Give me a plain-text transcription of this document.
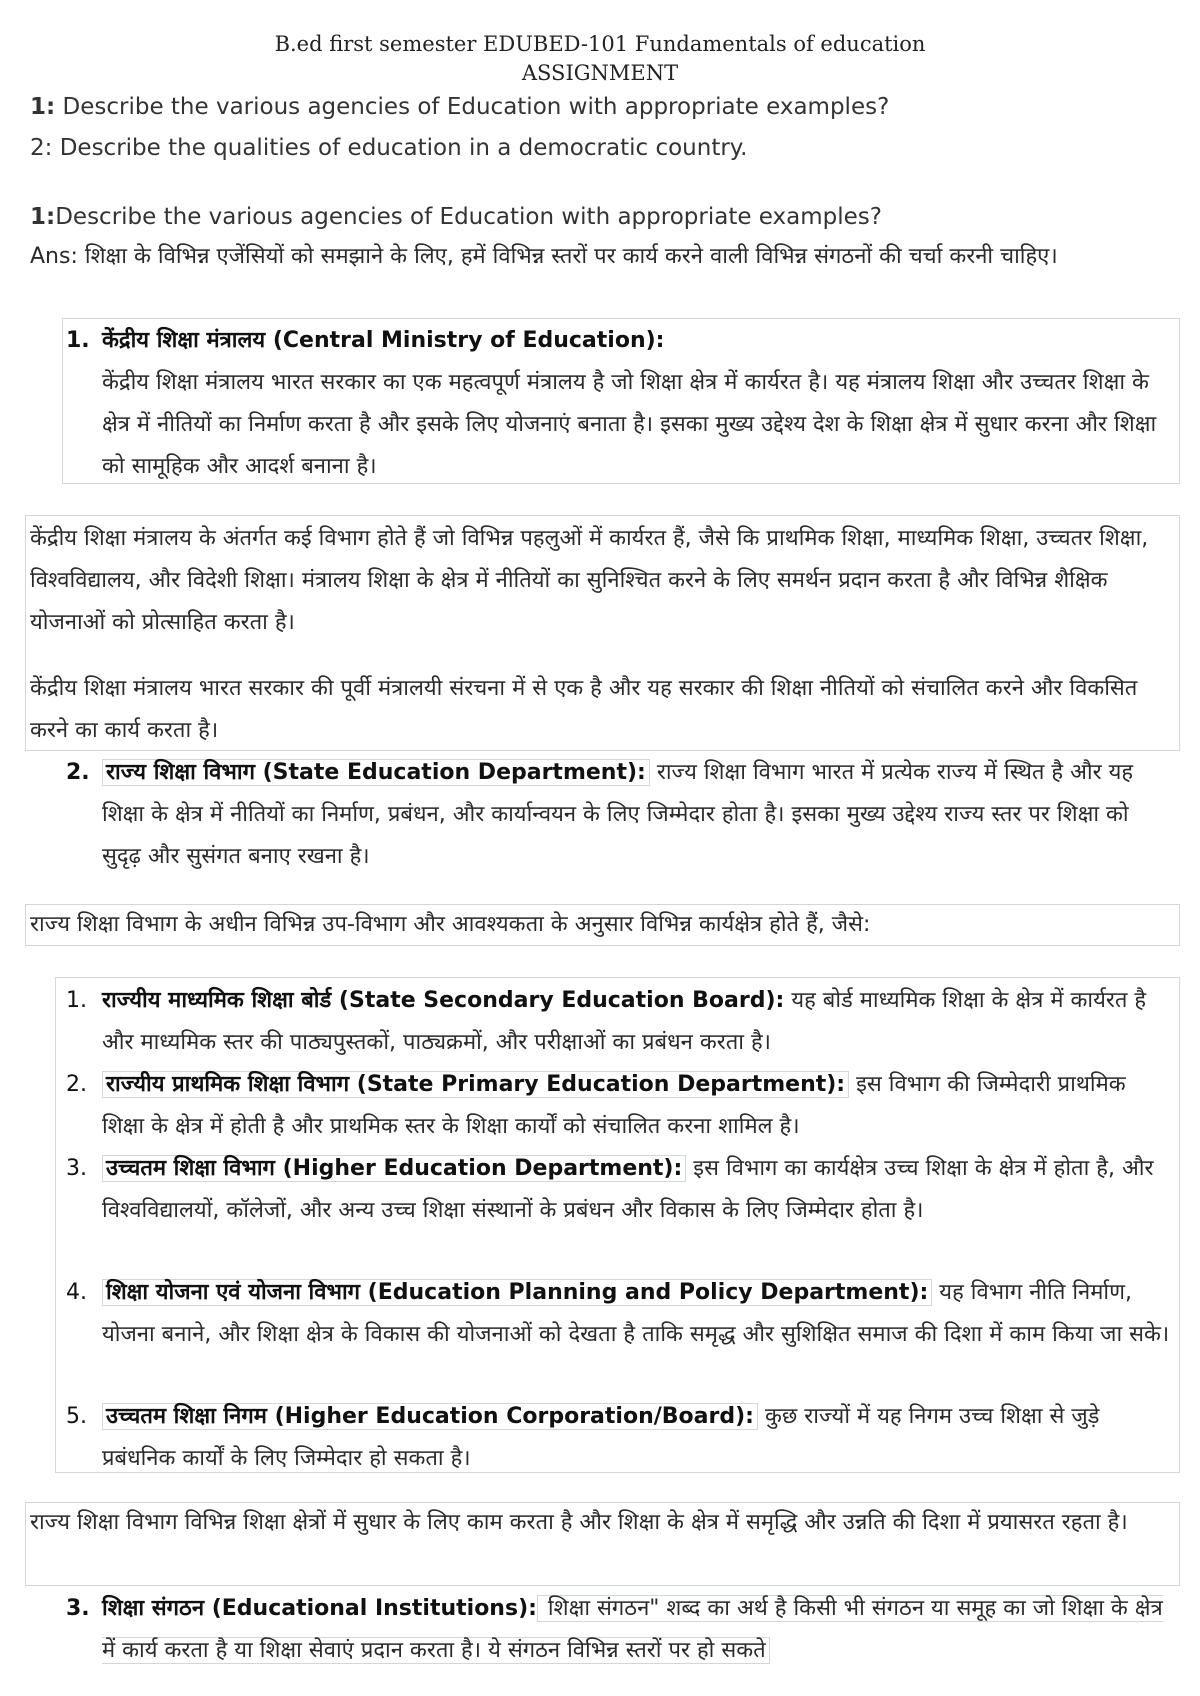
B.ed first semester EDUBED-101 Fundamentals of education
ASSIGNMENT
1: Describe the various agencies of Education with appropriate examples?
2: Describe the qualities of education in a democratic country.
1:Describe the various agencies of Education with appropriate examples?
Ans: शिक्षा के विभिन्न एजेंसियों को समझाने के लिए, हमें विभिन्न स्तरों पर कार्य करने वाली विभिन्न संगठनों की चर्चा करनी चाहिए।
1. केंद्रीय शिक्षा मंत्रालय (Central Ministry of Education):
केंद्रीय शिक्षा मंत्रालय भारत सरकार का एक महत्वपूर्ण मंत्रालय है जो शिक्षा क्षेत्र में कार्यरत है। यह मंत्रालय शिक्षा और उच्चतर शिक्षा के क्षेत्र में नीतियों का निर्माण करता है और इसके लिए योजनाएं बनाता है। इसका मुख्य उद्देश्य देश के शिक्षा क्षेत्र में सुधार करना और शिक्षा को सामूहिक और आदर्श बनाना है।
केंद्रीय शिक्षा मंत्रालय के अंतर्गत कई विभाग होते हैं जो विभिन्न पहलुओं में कार्यरत हैं, जैसे कि प्राथमिक शिक्षा, माध्यमिक शिक्षा, उच्चतर शिक्षा, विश्वविद्यालय, और विदेशी शिक्षा। मंत्रालय शिक्षा के क्षेत्र में नीतियों का सुनिश्चित करने के लिए समर्थन प्रदान करता है और विभिन्न शैक्षिक योजनाओं को प्रोत्साहित करता है।
केंद्रीय शिक्षा मंत्रालय भारत सरकार की पूर्वी मंत्रालयी संरचना में से एक है और यह सरकार की शिक्षा नीतियों को संचालित करने और विकसित करने का कार्य करता है।
2. राज्य शिक्षा विभाग (State Education Department): राज्य शिक्षा विभाग भारत में प्रत्येक राज्य में स्थित है और यह शिक्षा के क्षेत्र में नीतियों का निर्माण, प्रबंधन, और कार्यान्वयन के लिए जिम्मेदार होता है। इसका मुख्य उद्देश्य राज्य स्तर पर शिक्षा को सुदृढ़ और सुसंगत बनाए रखना है।
राज्य शिक्षा विभाग के अधीन विभिन्न उप-विभाग और आवश्यकता के अनुसार विभिन्न कार्यक्षेत्र होते हैं, जैसे:
1. राज्यीय माध्यमिक शिक्षा बोर्ड (State Secondary Education Board): यह बोर्ड माध्यमिक शिक्षा के क्षेत्र में कार्यरत है और माध्यमिक स्तर की पाठ्यपुस्तकों, पाठ्यक्रमों, और परीक्षाओं का प्रबंधन करता है।
2. राज्यीय प्राथमिक शिक्षा विभाग (State Primary Education Department): इस विभाग की जिम्मेदारी प्राथमिक शिक्षा के क्षेत्र में होती है और प्राथमिक स्तर के शिक्षा कार्यों को संचालित करना शामिल है।
3. उच्चतम शिक्षा विभाग (Higher Education Department): इस विभाग का कार्यक्षेत्र उच्च शिक्षा के क्षेत्र में होता है, और विश्वविद्यालयों, कॉलेजों, और अन्य उच्च शिक्षा संस्थानों के प्रबंधन और विकास के लिए जिम्मेदार होता है।
4. शिक्षा योजना एवं योजना विभाग (Education Planning and Policy Department): यह विभाग नीति निर्माण, योजना बनाने, और शिक्षा क्षेत्र के विकास की योजनाओं को देखता है ताकि समृद्ध और सुशिक्षित समाज की दिशा में काम किया जा सके।
5. उच्चतम शिक्षा निगम (Higher Education Corporation/Board): कुछ राज्यों में यह निगम उच्च शिक्षा से जुड़े प्रबंधनिक कार्यों के लिए जिम्मेदार हो सकता है।
राज्य शिक्षा विभाग विभिन्न शिक्षा क्षेत्रों में सुधार के लिए काम करता है और शिक्षा के क्षेत्र में समृद्धि और उन्नति की दिशा में प्रयासरत रहता है।
3. शिक्षा संगठन (Educational Institutions): शिक्षा संगठन" शब्द का अर्थ है किसी भी संगठन या समूह का जो शिक्षा के क्षेत्र में कार्य करता है या शिक्षा सेवाएं प्रदान करता है। ये संगठन विभिन्न स्तरों पर हो सकते
